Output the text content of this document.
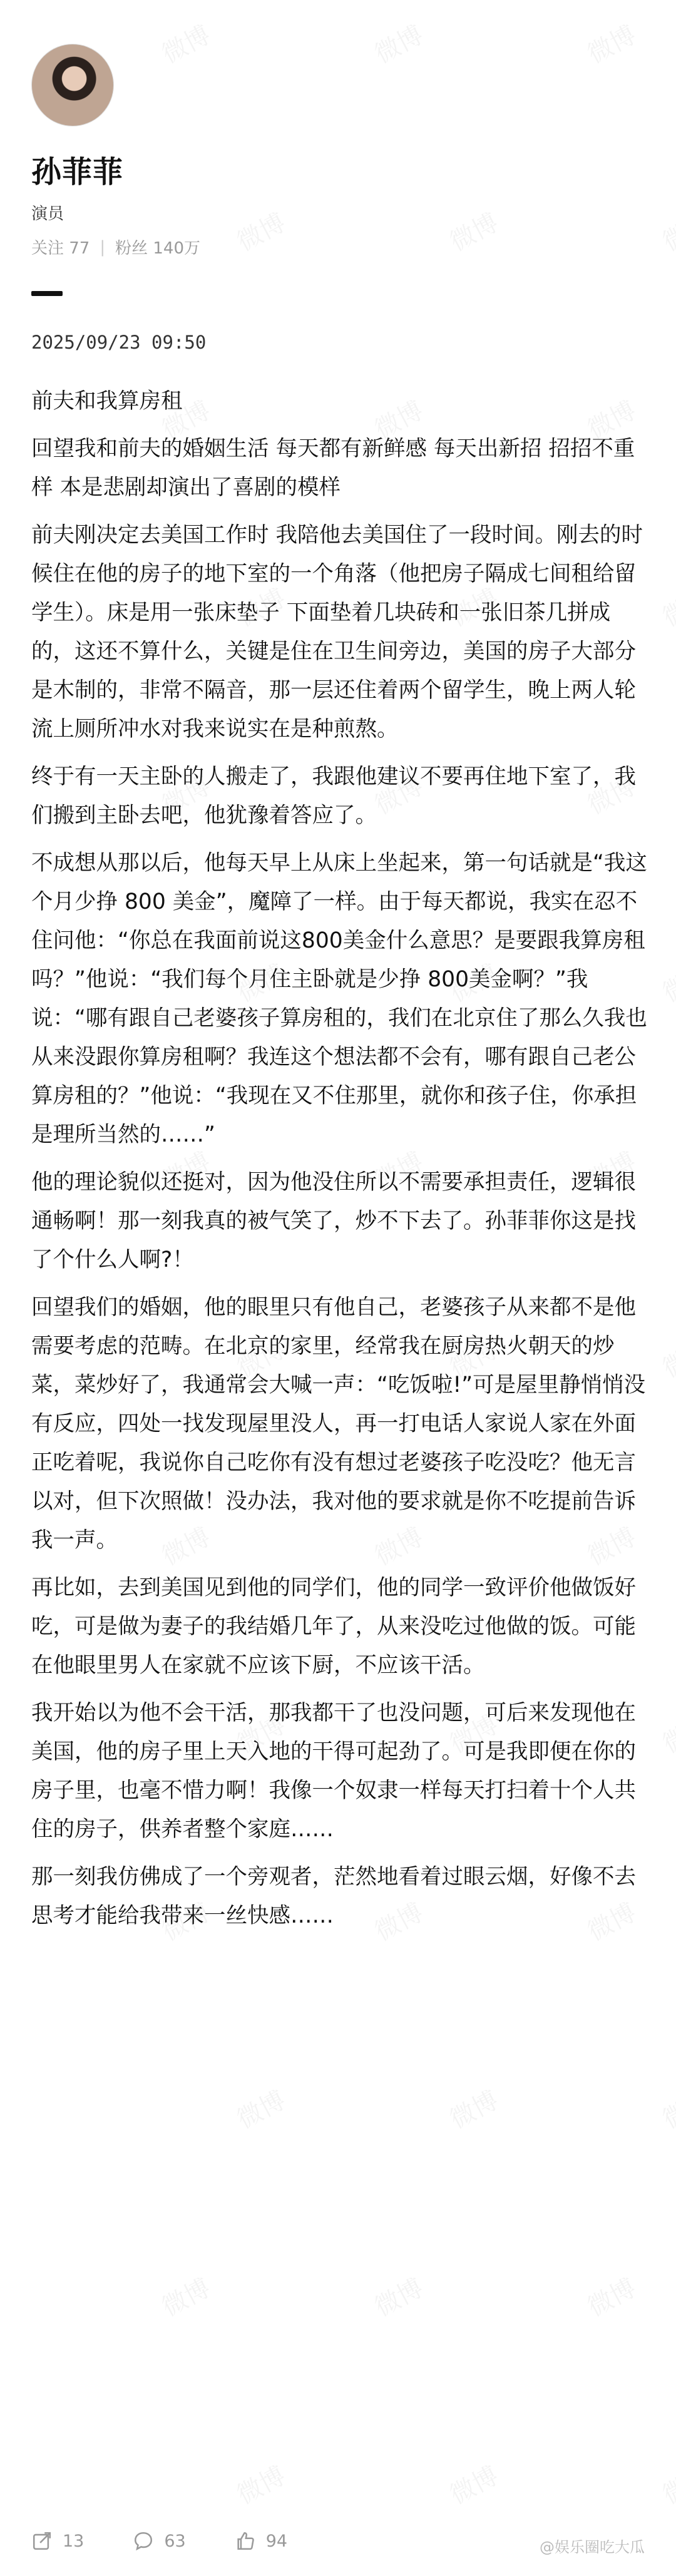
孙菲菲
演员
关注 77 | 粉丝 140万
2025/09/23 09:50

前夫和我算房租

回望我和前夫的婚姻生活 每天都有新鲜感 每天出新招 招招不重样 本是悲剧却演出了喜剧的模样

前夫刚决定去美国工作时 我陪他去美国住了一段时间。刚去的时候住在他的房子的地下室的一个角落（他把房子隔成七间租给留学生）。床是用一张床垫子 下面垫着几块砖和一张旧茶几拼成的，这还不算什么，关键是住在卫生间旁边，美国的房子大部分是木制的，非常不隔音，那一层还住着两个留学生，晚上两人轮流上厕所冲水对我来说实在是种煎熬。

终于有一天主卧的人搬走了，我跟他建议不要再住地下室了，我们搬到主卧去吧，他犹豫着答应了。

不成想从那以后，他每天早上从床上坐起来，第一句话就是“我这个月少挣 800 美金”，魔障了一样。由于每天都说，我实在忍不住问他：“你总在我面前说这800美金什么意思？是要跟我算房租吗？”他说：“我们每个月住主卧就是少挣 800美金啊？”我说：“哪有跟自己老婆孩子算房租的，我们在北京住了那么久我也从来没跟你算房租啊？我连这个想法都不会有，哪有跟自己老公算房租的？”他说：“我现在又不住那里，就你和孩子住，你承担是理所当然的……”

他的理论貌似还挺对，因为他没住所以不需要承担责任，逻辑很通畅啊！那一刻我真的被气笑了，炒不下去了。孙菲菲你这是找了个什么人啊?！

回望我们的婚姻，他的眼里只有他自己，老婆孩子从来都不是他需要考虑的范畴。在北京的家里，经常我在厨房热火朝天的炒菜，菜炒好了，我通常会大喊一声：“吃饭啦!”可是屋里静悄悄没有反应，四处一找发现屋里没人，再一打电话人家说人家在外面正吃着呢，我说你自己吃你有没有想过老婆孩子吃没吃？他无言以对，但下次照做！没办法，我对他的要求就是你不吃提前告诉我一声。

再比如，去到美国见到他的同学们，他的同学一致评价他做饭好吃，可是做为妻子的我结婚几年了，从来没吃过他做的饭。可能在他眼里男人在家就不应该下厨，不应该干活。

我开始以为他不会干活，那我都干了也没问题，可后来发现他在美国，他的房子里上天入地的干得可起劲了。可是我即便在你的房子里，也毫不惜力啊！我像一个奴隶一样每天打扫着十个人共住的房子，供养者整个家庭……

那一刻我仿佛成了一个旁观者，茫然地看着过眼云烟，好像不去思考才能给我带来一丝快感……

13	63	94	@娱乐圈吃大瓜
